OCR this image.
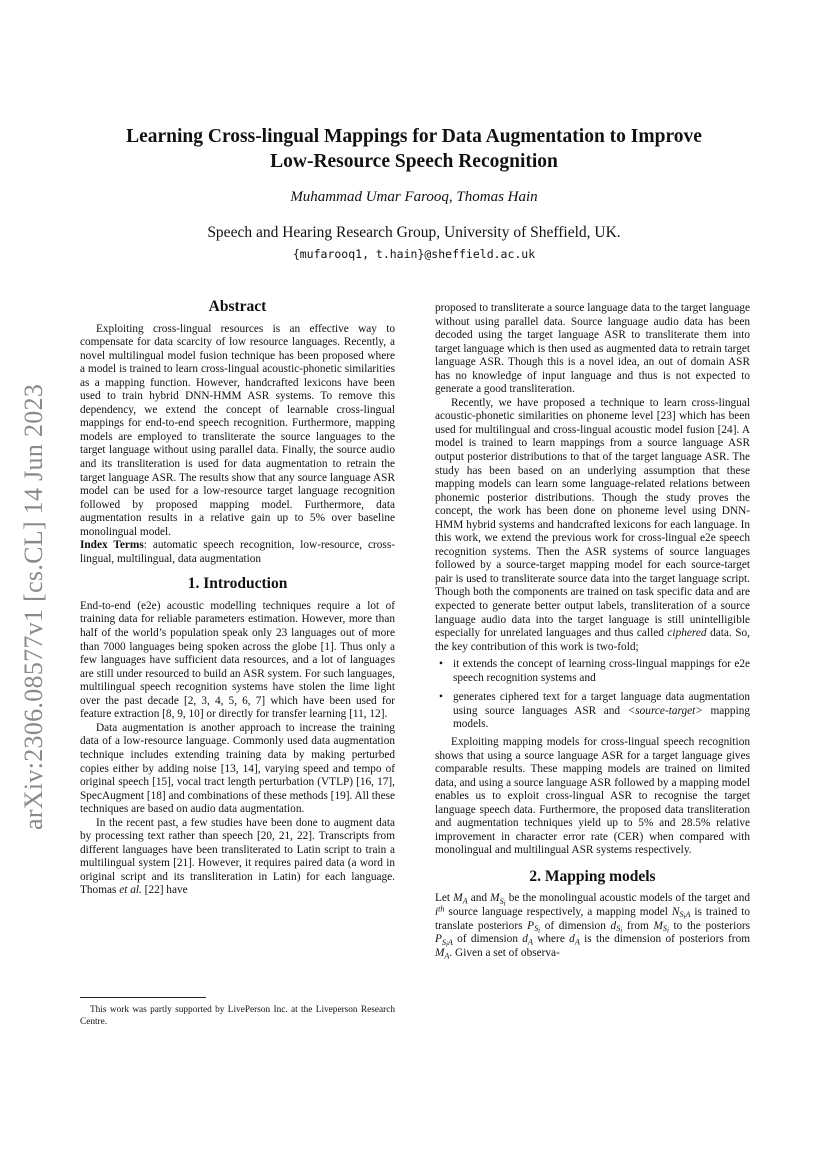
arXiv:2306.08577v1 [cs.CL] 14 Jun 2023
Learning Cross-lingual Mappings for Data Augmentation to Improve
Low-Resource Speech Recognition
Muhammad Umar Farooq, Thomas Hain
Speech and Hearing Research Group, University of Sheffield, UK.
{mufarooq1, t.hain}@sheffield.ac.uk
Abstract

Exploiting cross-lingual resources is an effective way to compensate for data scarcity of low resource languages. Recently, a novel multilingual model fusion technique has been proposed where a model is trained to learn cross-lingual acoustic-phonetic similarities as a mapping function. However, handcrafted lexicons have been used to train hybrid DNN-HMM ASR systems. To remove this dependency, we extend the concept of learnable cross-lingual mappings for end-to-end speech recognition. Furthermore, mapping models are employed to transliterate the source languages to the target language without using parallel data. Finally, the source audio and its transliteration is used for data augmentation to retrain the target language ASR. The results show that any source language ASR model can be used for a low-resource target language recognition followed by proposed mapping model. Furthermore, data augmentation results in a relative gain up to 5% over baseline monolingual model.

Index Terms: automatic speech recognition, low-resource, cross-lingual, multilingual, data augmentation

1. Introduction

End-to-end (e2e) acoustic modelling techniques require a lot of training data for reliable parameters estimation. However, more than half of the world’s population speak only 23 languages out of more than 7000 languages being spoken across the globe [1]. Thus only a few languages have sufficient data resources, and a lot of languages are still under resourced to build an ASR system. For such languages, multilingual speech recognition systems have stolen the lime light over the past decade [2, 3, 4, 5, 6, 7] which have been used for feature extraction [8, 9, 10] or directly for transfer learning [11, 12].

Data augmentation is another approach to increase the training data of a low-resource language. Commonly used data augmentation technique includes extending training data by making perturbed copies either by adding noise [13, 14], varying speed and tempo of original speech [15], vocal tract length perturbation (VTLP) [16, 17], SpecAugment [18] and combinations of these methods [19]. All these techniques are based on audio data augmentation.

In the recent past, a few studies have been done to augment data by processing text rather than speech [20, 21, 22]. Transcripts from different languages have been transliterated to Latin script to train a multilingual system [21]. However, it requires paired data (a word in original script and its transliteration in Latin) for each language. Thomas et al. [22] have

This work was partly supported by LivePerson Inc. at the Liveperson Research Centre.

proposed to transliterate a source language data to the target language without using parallel data. Source language audio data has been decoded using the target language ASR to transliterate them into target language which is then used as augmented data to retrain target language ASR. Though this is a novel idea, an out of domain ASR has no knowledge of input language and thus is not expected to generate a good transliteration.

Recently, we have proposed a technique to learn cross-lingual acoustic-phonetic similarities on phoneme level [23] which has been used for multilingual and cross-lingual acoustic model fusion [24]. A model is trained to learn mappings from a source language ASR output posterior distributions to that of the target language ASR. The study has been based on an underlying assumption that these mapping models can learn some language-related relations between phonemic posterior distributions. Though the study proves the concept, the work has been done on phoneme level using DNN-HMM hybrid systems and handcrafted lexicons for each language. In this work, we extend the previous work for cross-lingual e2e speech recognition systems. Then the ASR systems of source languages followed by a source-target mapping model for each source-target pair is used to transliterate source data into the target language script. Though both the components are trained on task specific data and are expected to generate better output labels, transliteration of a source language audio data into the target language is still unintelligible especially for unrelated languages and thus called ciphered data. So, the key contribution of this work is two-fold;

• it extends the concept of learning cross-lingual mappings for e2e speech recognition systems and
• generates ciphered text for a target language data augmentation using source languages ASR and <source-target> mapping models.

Exploiting mapping models for cross-lingual speech recognition shows that using a source language ASR for a target language gives comparable results. These mapping models are trained on limited data, and using a source language ASR followed by a mapping model enables us to exploit cross-lingual ASR to recognise the target language speech data. Furthermore, the proposed data transliteration and augmentation techniques yield up to 5% and 28.5% relative improvement in character error rate (CER) when compared with monolingual and multilingual ASR systems respectively.

2. Mapping models

Let $M_A$ and $M_{S_i}$ be the monolingual acoustic models of the target and $i^{th}$ source language respectively, a mapping model $N_{S_iA}$ is trained to translate posteriors $P_{S_i}$ of dimension $d_{S_i}$ from $M_{S_i}$ to the posteriors $P_{S_iA}$ of dimension $d_A$ where $d_A$ is the dimension of posteriors from $M_A$. Given a set of observa-
